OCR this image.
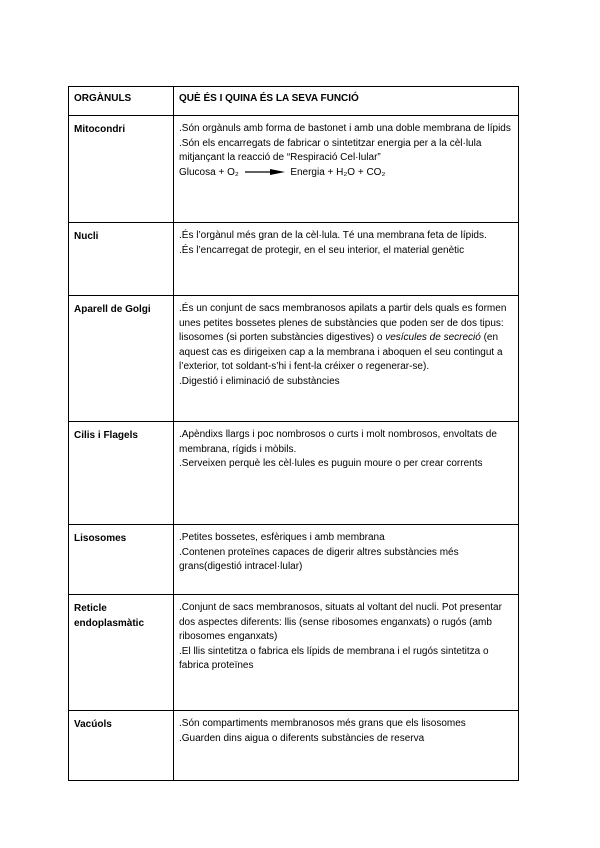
ORGÀNULS	QUÈ ÉS I QUINA ÉS LA SEVA FUNCIÓ
Mitocondri	.Són orgànuls amb forma de bastonet i amb una doble membrana de lípids
.Són els encarregats de fabricar o sintetitzar energia per a la cèl·lula mitjançant la reacció de “Respiració Cel·lular”
Glucosa + O₂ Energia + H₂O + CO₂

Nucli	.És l’orgànul més gran de la cèl·lula. Té una membrana feta de lípids.
.És l’encarregat de protegir, en el seu interior, el material genètic

Aparell de Golgi	.És un conjunt de sacs membranosos apilats a partir dels quals es formen unes petites bossetes plenes de substàncies que poden ser de dos tipus: lisosomes (si porten substàncies digestives) o vesícules de secreció (en aquest cas es dirigeixen cap a la membrana i aboquen el seu contingut a l’exterior, tot soldant-s’hi i fent-la créixer o regenerar-se).
.Digestió i eliminació de substàncies

Cilis i Flagels	.Apèndixs llargs i poc nombrosos o curts i molt nombrosos, envoltats de membrana, rígids i mòbils.
.Serveixen perquè les cèl·lules es puguin moure o per crear corrents

Lisosomes	.Petites bossetes, esfèriques i amb membrana
.Contenen proteïnes capaces de digerir altres substàncies més grans(digestió intracel·lular)

Reticle endoplasmàtic	.Conjunt de sacs membranosos, situats al voltant del nucli. Pot presentar dos aspectes diferents: llis (sense ribosomes enganxats) o rugós (amb ribosomes enganxats)
.El llis sintetitza o fabrica els lípids de membrana i el rugós sintetitza o fabrica proteïnes

Vacúols	.Són compartiments membranosos més grans que els lisosomes
.Guarden dins aigua o diferents substàncies de reserva
